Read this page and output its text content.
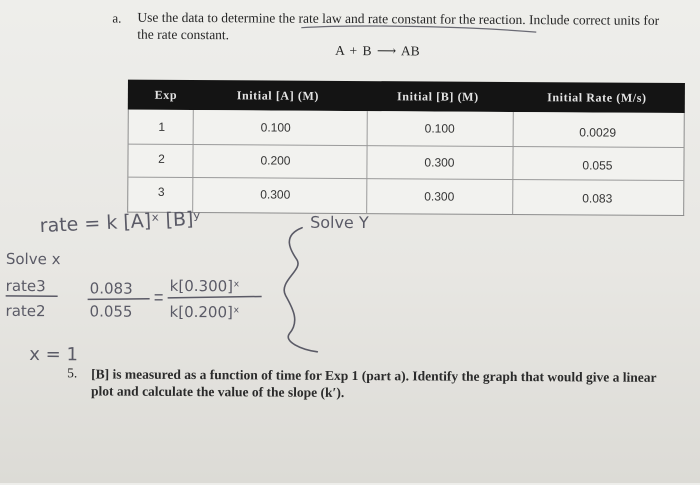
a. Use the data to determine the rate law and rate constant for the reaction. Include correct units for the rate constant.
A + B ⟶ AB
Exp	Initial [A] (M)	Initial [B] (M)	Initial Rate (M/s)
1	0.100	0.100	0.0029
2	0.200	0.300	0.055
3	0.300	0.300	0.083
rate = k [A]ˣ [B]ʸ
Solve x
rate3
rate2
0.083
0.055
k[0.300]ˣ
k[0.200]ˣ
x = 1
Solve Y
5. [B] is measured as a function of time for Exp 1 (part a). Identify the graph that would give a linear plot and calculate the value of the slope (k′).
